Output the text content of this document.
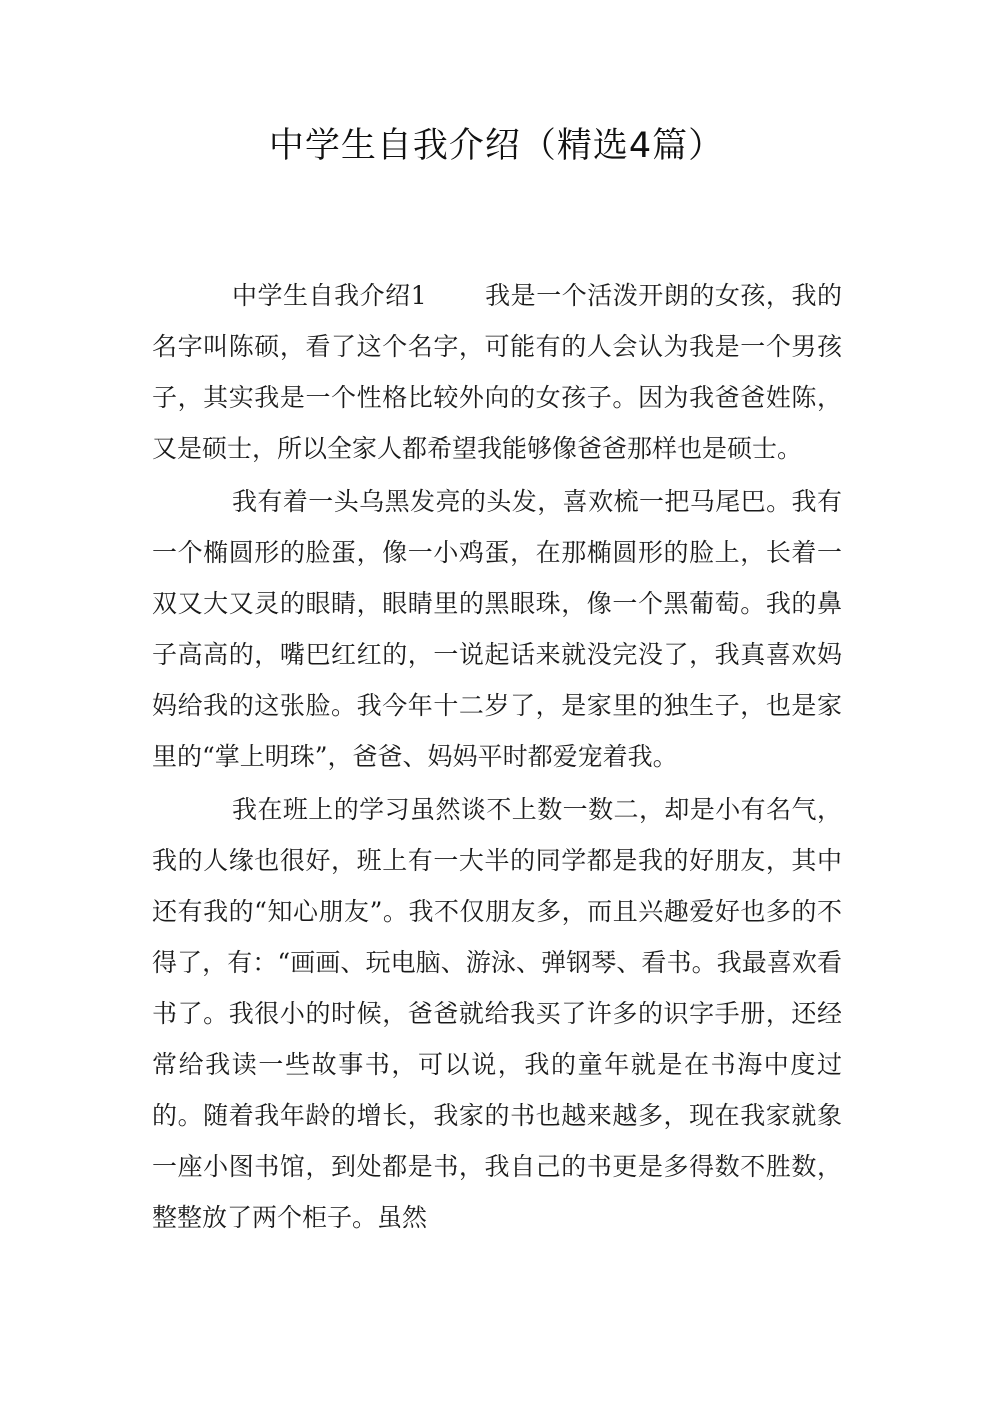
中学生自我介绍（精选4篇）

中学生自我介绍1 我是一个活泼开朗的女孩，我的名字叫陈硕，看了这个名字，可能有的人会认为我是一个男孩子，其实我是一个性格比较外向的女孩子。因为我爸爸姓陈，又是硕士，所以全家人都希望我能够像爸爸那样也是硕士。

我有着一头乌黑发亮的头发，喜欢梳一把马尾巴。我有一个椭圆形的脸蛋，像一小鸡蛋，在那椭圆形的脸上，长着一双又大又灵的眼睛，眼睛里的黑眼珠，像一个黑葡萄。我的鼻子高高的，嘴巴红红的，一说起话来就没完没了，我真喜欢妈妈给我的这张脸。我今年十二岁了，是家里的独生子，也是家里的“掌上明珠”，爸爸、妈妈平时都爱宠着我。

我在班上的学习虽然谈不上数一数二，却是小有名气，我的人缘也很好，班上有一大半的同学都是我的好朋友，其中还有我的“知心朋友”。我不仅朋友多，而且兴趣爱好也多的不得了，有：“画画、玩电脑、游泳、弹钢琴、看书。我最喜欢看书了。我很小的时候，爸爸就给我买了许多的识字手册，还经常给我读一些故事书，可以说，我的童年就是在书海中度过的。随着我年龄的增长，我家的书也越来越多，现在我家就象一座小图书馆，到处都是书，我自己的书更是多得数不胜数，整整放了两个柜子。虽然
